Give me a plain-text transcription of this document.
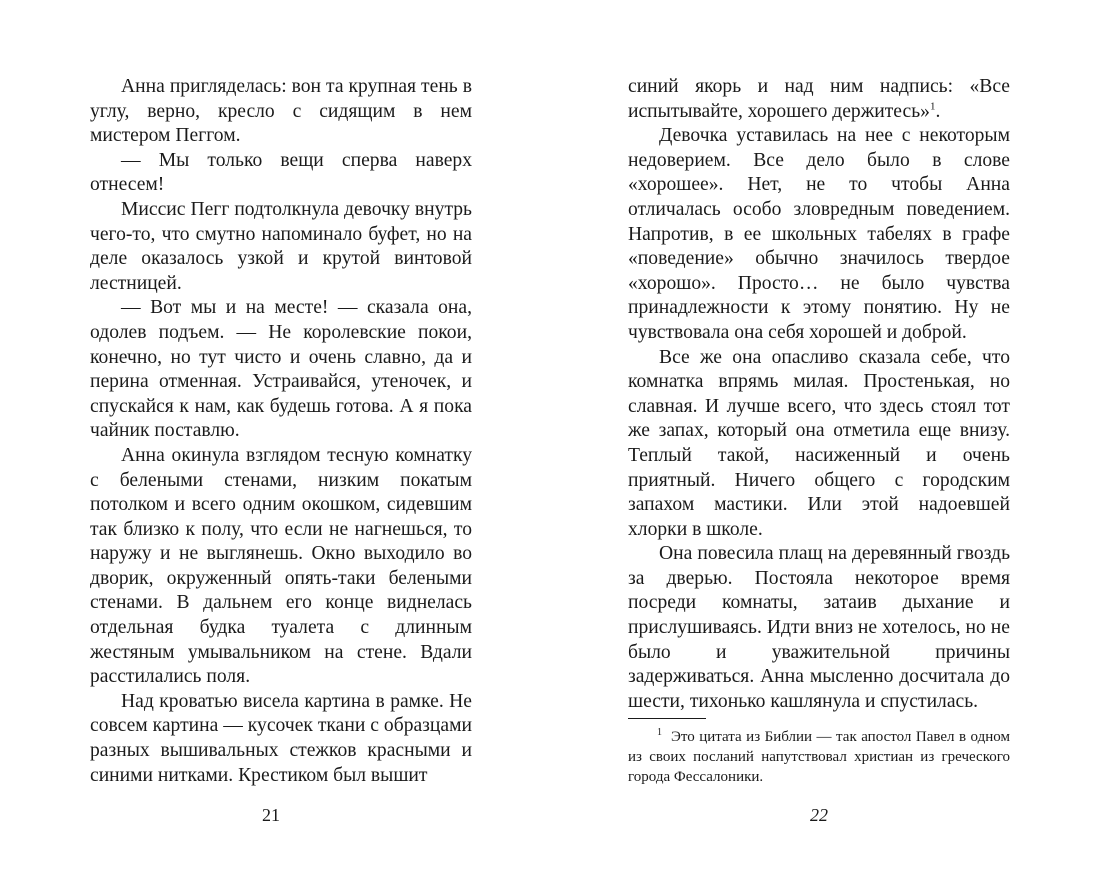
Анна пригляделась: вон та крупная тень в углу, верно, кресло с сидящим в нем мистером Пеггом.

— Мы только вещи сперва наверх отнесем!

Миссис Пегг подтолкнула девочку внутрь чего-то, что смутно напоминало буфет, но на деле оказалось узкой и крутой винтовой лестницей.

— Вот мы и на месте! — сказала она, одолев подъем. — Не королевские покои, конечно, но тут чисто и очень славно, да и перина отменная. Устраивайся, утеночек, и спускайся к нам, как будешь готова. А я пока чайник поставлю.

Анна окинула взглядом тесную комнатку с белеными стенами, низким покатым потолком и всего одним окошком, сидевшим так близко к полу, что если не нагнешься, то наружу и не выглянешь. Окно выходило во дворик, окруженный опять-таки белеными стенами. В дальнем его конце виднелась отдельная будка туалета с длинным жестяным умывальником на стене. Вдали расстилались поля.

Над кроватью висела картина в рамке. Не совсем картина — кусочек ткани с образцами разных вышивальных стежков красными и синими нитками. Крестиком был вышит

21

синий якорь и над ним надпись: «Все испытывайте, хорошего держитесь»$^1$.

Девочка уставилась на нее с некоторым недоверием. Все дело было в слове «хорошее». Нет, не то чтобы Анна отличалась особо зловредным поведением. Напротив, в ее школьных табелях в графе «поведение» обычно значилось твердое «хорошо». Просто… не было чувства принадлежности к этому понятию. Ну не чувствовала она себя хорошей и доброй.

Все же она опасливо сказала себе, что комнатка впрямь милая. Простенькая, но славная. И лучше всего, что здесь стоял тот же запах, который она отметила еще внизу. Теплый такой, насиженный и очень приятный. Ничего общего с городским запахом мастики. Или этой надоевшей хлорки в школе.

Она повесила плащ на деревянный гвоздь за дверью. Постояла некоторое время посреди комнаты, затаив дыхание и прислушиваясь. Идти вниз не хотелось, но не было и уважительной причины задерживаться. Анна мысленно досчитала до шести, тихонько кашлянула и спустилась.

$^1$ Это цитата из Библии — так апостол Павел в одном из своих посланий напутствовал христиан из греческого города Фессалоники.
22
